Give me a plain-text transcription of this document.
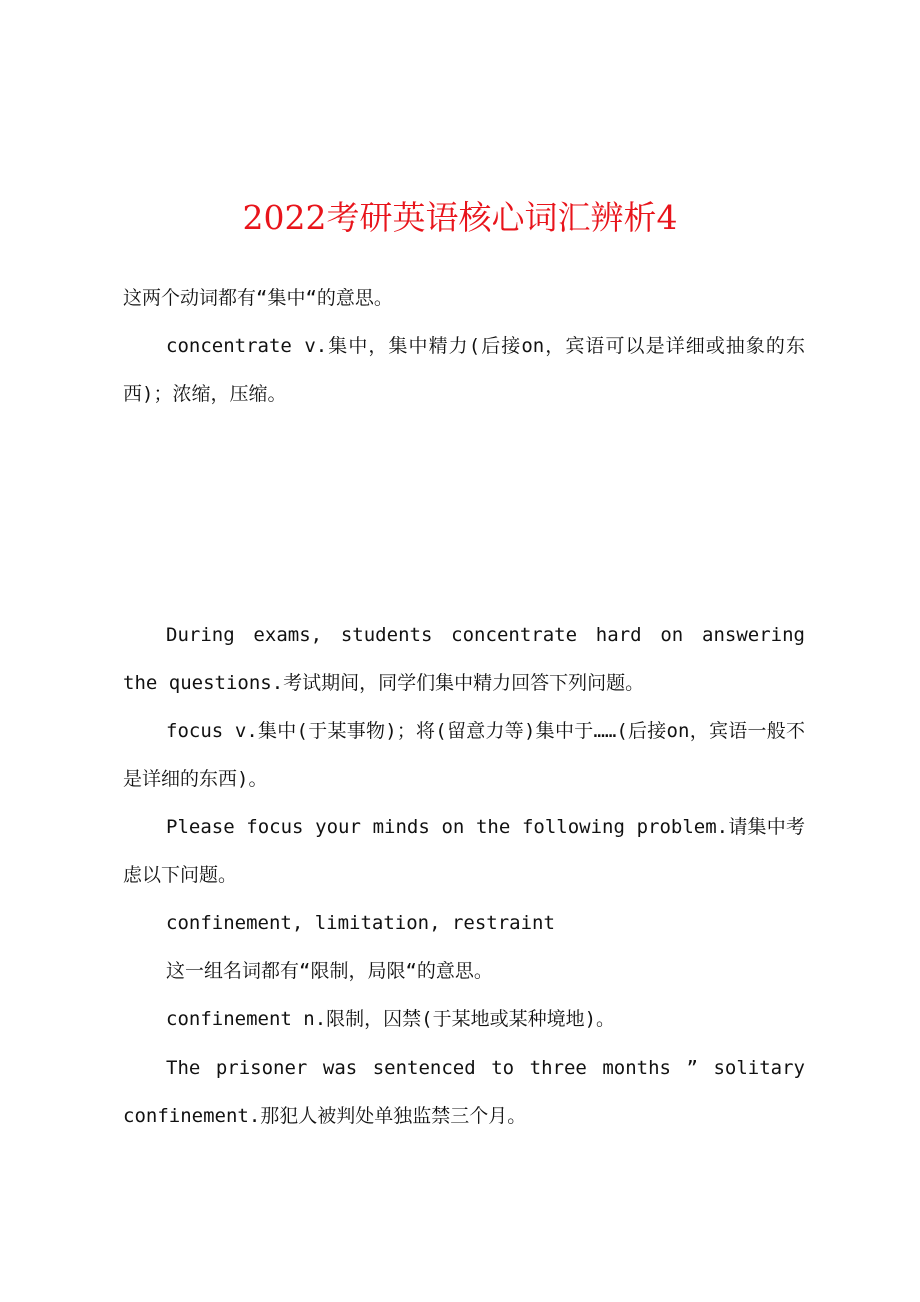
2022考研英语核心词汇辨析4

这两个动词都有“集中“的意思。

concentrate v.集中，集中精力(后接on，宾语可以是详细或抽象的东西)；浓缩，压缩。

During exams, students concentrate hard on answering the questions.考试期间，同学们集中精力回答下列问题。

focus v.集中(于某事物)；将(留意力等)集中于……(后接on，宾语一般不是详细的东西)。

Please focus your minds on the following problem.请集中考虑以下问题。

confinement, limitation, restraint

这一组名词都有“限制，局限“的意思。

confinement n.限制，囚禁(于某地或某种境地)。

The prisoner was sentenced to three months ” solitary confinement.那犯人被判处单独监禁三个月。
